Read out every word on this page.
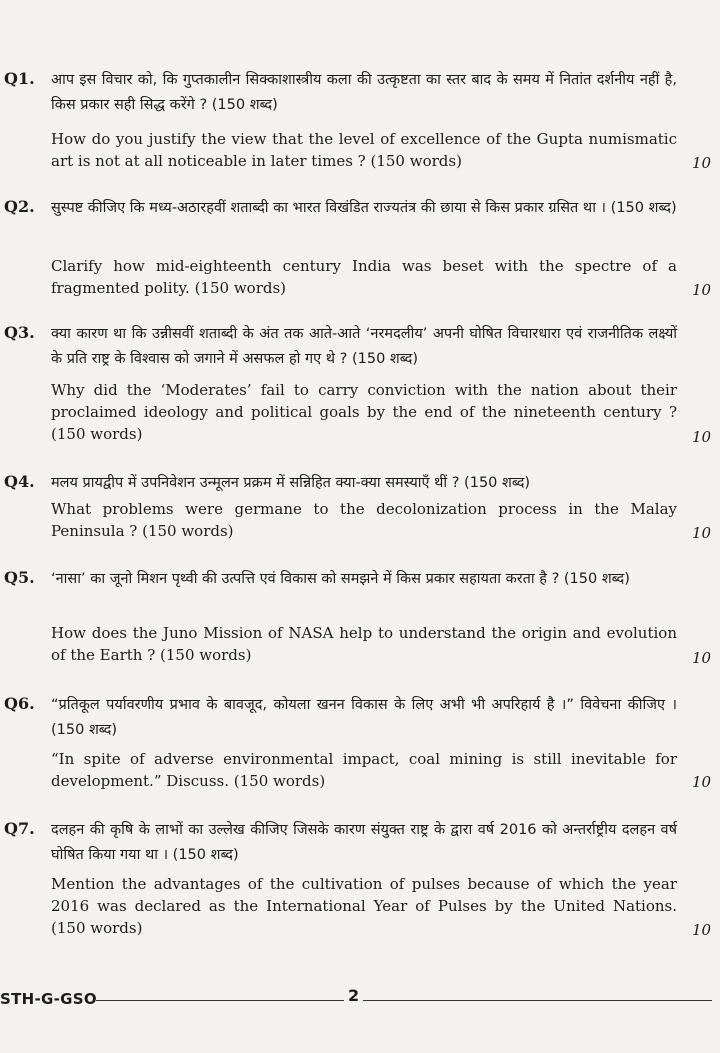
Q1. आप इस विचार को, कि गुप्तकालीन सिक्काशास्त्रीय कला की उत्कृष्टता का स्तर बाद के समय में नितांत दर्शनीय नहीं है, किस प्रकार सही सिद्ध करेंगे ? (150 शब्द)
How do you justify the view that the level of excellence of the Gupta numismatic art is not at all noticeable in later times ? (150 words)	10
Q2. सुस्पष्ट कीजिए कि मध्य-अठारहवीं शताब्दी का भारत विखंडित राज्यतंत्र की छाया से किस प्रकार ग्रसित था । (150 शब्द)
Clarify how mid-eighteenth century India was beset with the spectre of a fragmented polity. (150 words)	10
Q3. क्या कारण था कि उन्नीसवीं शताब्दी के अंत तक आते-आते ‘नरमदलीय’ अपनी घोषित विचारधारा एवं राजनीतिक लक्ष्यों के प्रति राष्ट्र के विश्वास को जगाने में असफल हो गए थे ? (150 शब्द)
Why did the ‘Moderates’ fail to carry conviction with the nation about their proclaimed ideology and political goals by the end of the nineteenth century ? (150 words)	10
Q4. मलय प्रायद्वीप में उपनिवेशन उन्मूलन प्रक्रम में सन्निहित क्या-क्या समस्याएँ थीं ? (150 शब्द)
What problems were germane to the decolonization process in the Malay Peninsula ? (150 words)	10
Q5. ‘नासा’ का जूनो मिशन पृथ्वी की उत्पत्ति एवं विकास को समझने में किस प्रकार सहायता करता है ? (150 शब्द)
How does the Juno Mission of NASA help to understand the origin and evolution of the Earth ? (150 words)	10
Q6. “प्रतिकूल पर्यावरणीय प्रभाव के बावजूद, कोयला खनन विकास के लिए अभी भी अपरिहार्य है ।” विवेचना कीजिए । (150 शब्द)
“In spite of adverse environmental impact, coal mining is still inevitable for development.” Discuss. (150 words)	10
Q7. दलहन की कृषि के लाभों का उल्लेख कीजिए जिसके कारण संयुक्त राष्ट्र के द्वारा वर्ष 2016 को अन्तर्राष्ट्रीय दलहन वर्ष घोषित किया गया था । (150 शब्द)
Mention the advantages of the cultivation of pulses because of which the year 2016 was declared as the International Year of Pulses by the United Nations. (150 words)	10
STH-G-GSO	2
